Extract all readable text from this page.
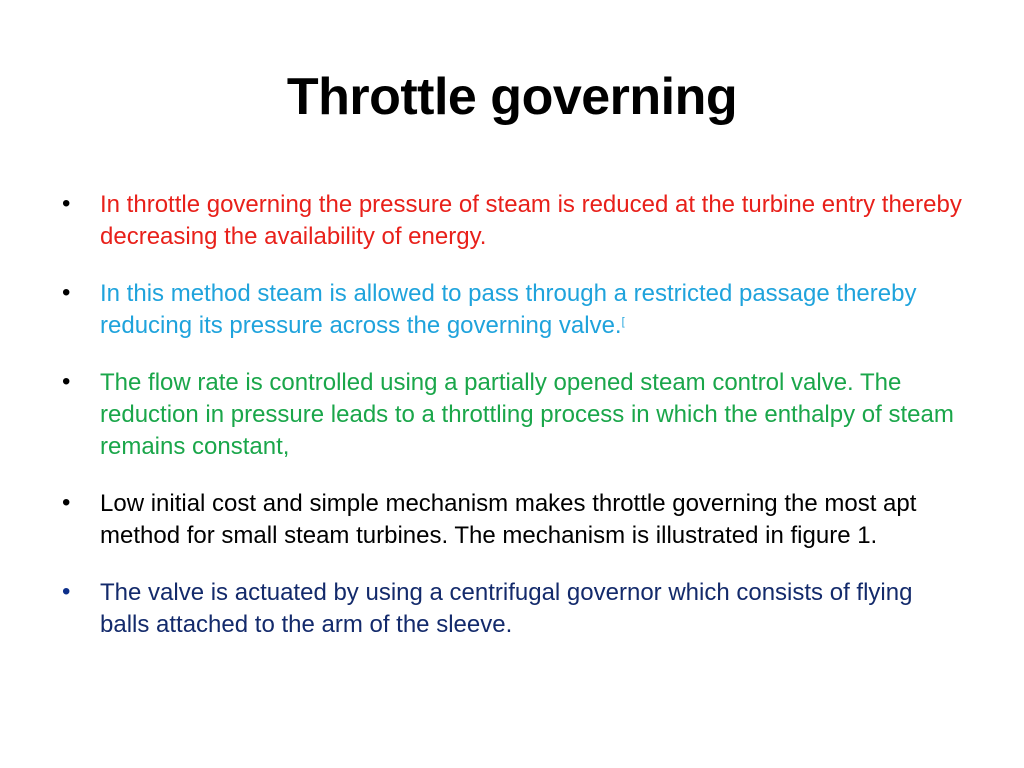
Throttle governing
• In throttle governing the pressure of steam is reduced at the turbine entry thereby decreasing the availability of energy.
• In this method steam is allowed to pass through a restricted passage thereby reducing its pressure across the governing valve.[
• The flow rate is controlled using a partially opened steam control valve. The reduction in pressure leads to a throttling process in which the enthalpy of steam remains constant,
• Low initial cost and simple mechanism makes throttle governing the most apt method for small steam turbines. The mechanism is illustrated in figure 1.
• The valve is actuated by using a centrifugal governor which consists of flying balls attached to the arm of the sleeve.
